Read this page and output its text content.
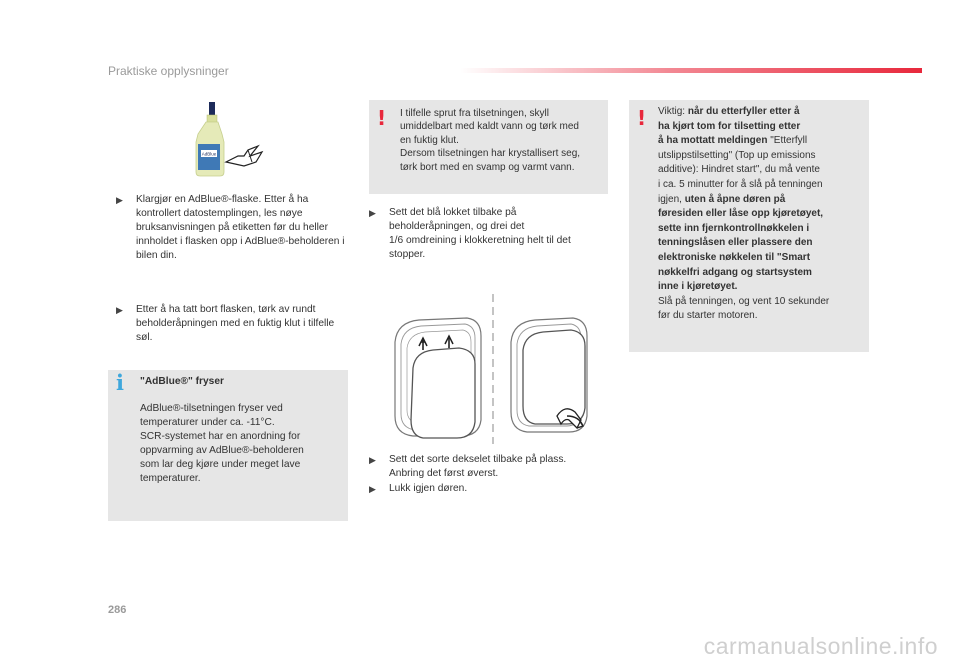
Praktiske opplysninger
AdBlue
▶︎ Klargjør en AdBlue®-flaske. Etter å ha kontrollert datostemplingen, les nøye bruksanvisningen på etiketten før du heller innholdet i flasken opp i AdBlue®-beholderen i bilen din.
▶︎ Etter å ha tatt bort flasken, tørk av rundt beholderåpningen med en fuktig klut i tilfelle søl.
i "AdBlue®" fryser
AdBlue®-tilsetningen fryser ved
temperaturer under ca. -11°C.
SCR-systemet har en anordning for
oppvarming av AdBlue®-beholderen
som lar deg kjøre under meget lave
temperaturer.
! I tilfelle sprut fra tilsetningen, skyll
umiddelbart med kaldt vann og tørk med
en fuktig klut.
Dersom tilsetningen har krystallisert seg,
tørk bort med en svamp og varmt vann.
▶︎ Sett det blå lokket tilbake på
beholderåpningen, og drei det
1/6 omdreining i klokkeretning helt til det
stopper.
▶︎ Sett det sorte dekselet tilbake på plass.
Anbring det først øverst.
▶︎ Lukk igjen døren.
! Viktig: når du etterfyller etter å
ha kjørt tom for tilsetting etter
å ha mottatt meldingen "Etterfyll
utslippstilsetting" (Top up emissions
additive): Hindret start", du må vente
i ca. 5 minutter for å slå på tenningen
igjen, uten å åpne døren på
føresiden eller låse opp kjøretøyet,
sette inn fjernkontrollnøkkelen i
tenningslåsen eller plassere den
elektroniske nøkkelen til "Smart
nøkkelfri adgang og startsystem
inne i kjøretøyet.
Slå på tenningen, og vent 10 sekunder
før du starter motoren.
286
carmanualsonline.info
